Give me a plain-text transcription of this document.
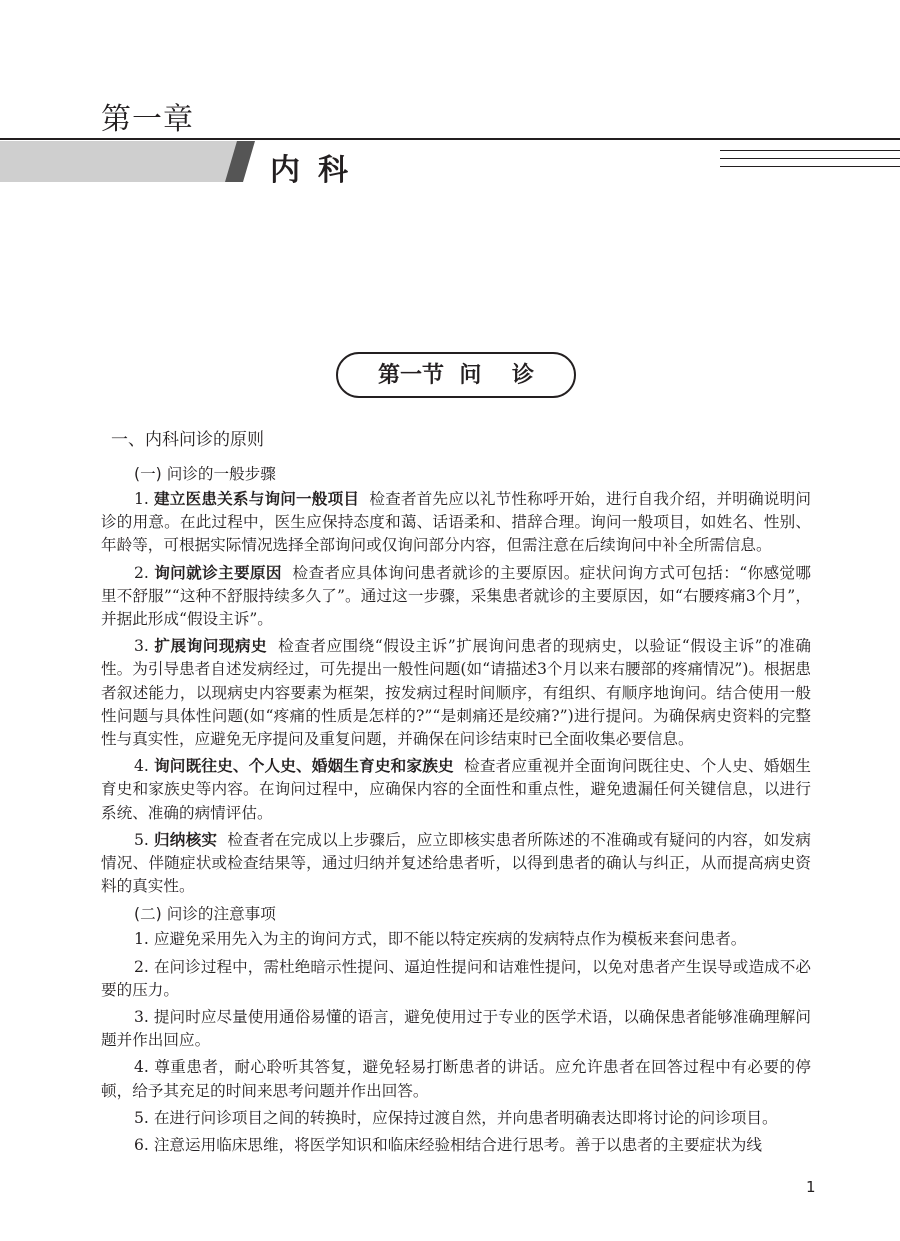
第一章
内科
第一节  问    诊
一、内科问诊的原则
(一) 问诊的一般步骤
1. 建立医患关系与询问一般项目 检查者首先应以礼节性称呼开始，进行自我介绍，并明确说明问诊的用意。在此过程中，医生应保持态度和蔼、话语柔和、措辞合理。询问一般项目，如姓名、性别、年龄等，可根据实际情况选择全部询问或仅询问部分内容，但需注意在后续询问中补全所需信息。
2. 询问就诊主要原因 检查者应具体询问患者就诊的主要原因。症状问询方式可包括：“你感觉哪里不舒服”“这种不舒服持续多久了”。通过这一步骤，采集患者就诊的主要原因，如“右腰疼痛3个月”，并据此形成“假设主诉”。
3. 扩展询问现病史 检查者应围绕“假设主诉”扩展询问患者的现病史，以验证“假设主诉”的准确性。为引导患者自述发病经过，可先提出一般性问题(如“请描述3个月以来右腰部的疼痛情况”)。根据患者叙述能力，以现病史内容要素为框架，按发病过程时间顺序，有组织、有顺序地询问。结合使用一般性问题与具体性问题(如“疼痛的性质是怎样的?”“是刺痛还是绞痛?”)进行提问。为确保病史资料的完整性与真实性，应避免无序提问及重复问题，并确保在问诊结束时已全面收集必要信息。
4. 询问既往史、个人史、婚姻生育史和家族史 检查者应重视并全面询问既往史、个人史、婚姻生育史和家族史等内容。在询问过程中，应确保内容的全面性和重点性，避免遗漏任何关键信息，以进行系统、准确的病情评估。
5. 归纳核实 检查者在完成以上步骤后，应立即核实患者所陈述的不准确或有疑问的内容，如发病情况、伴随症状或检查结果等，通过归纳并复述给患者听，以得到患者的确认与纠正，从而提高病史资料的真实性。
(二) 问诊的注意事项
1. 应避免采用先入为主的询问方式，即不能以特定疾病的发病特点作为模板来套问患者。
2. 在问诊过程中，需杜绝暗示性提问、逼迫性提问和诘难性提问，以免对患者产生误导或造成不必要的压力。
3. 提问时应尽量使用通俗易懂的语言，避免使用过于专业的医学术语，以确保患者能够准确理解问题并作出回应。
4. 尊重患者，耐心聆听其答复，避免轻易打断患者的讲话。应允许患者在回答过程中有必要的停顿，给予其充足的时间来思考问题并作出回答。
5. 在进行问诊项目之间的转换时，应保持过渡自然，并向患者明确表达即将讨论的问诊项目。
6. 注意运用临床思维，将医学知识和临床经验相结合进行思考。善于以患者的主要症状为线
1
